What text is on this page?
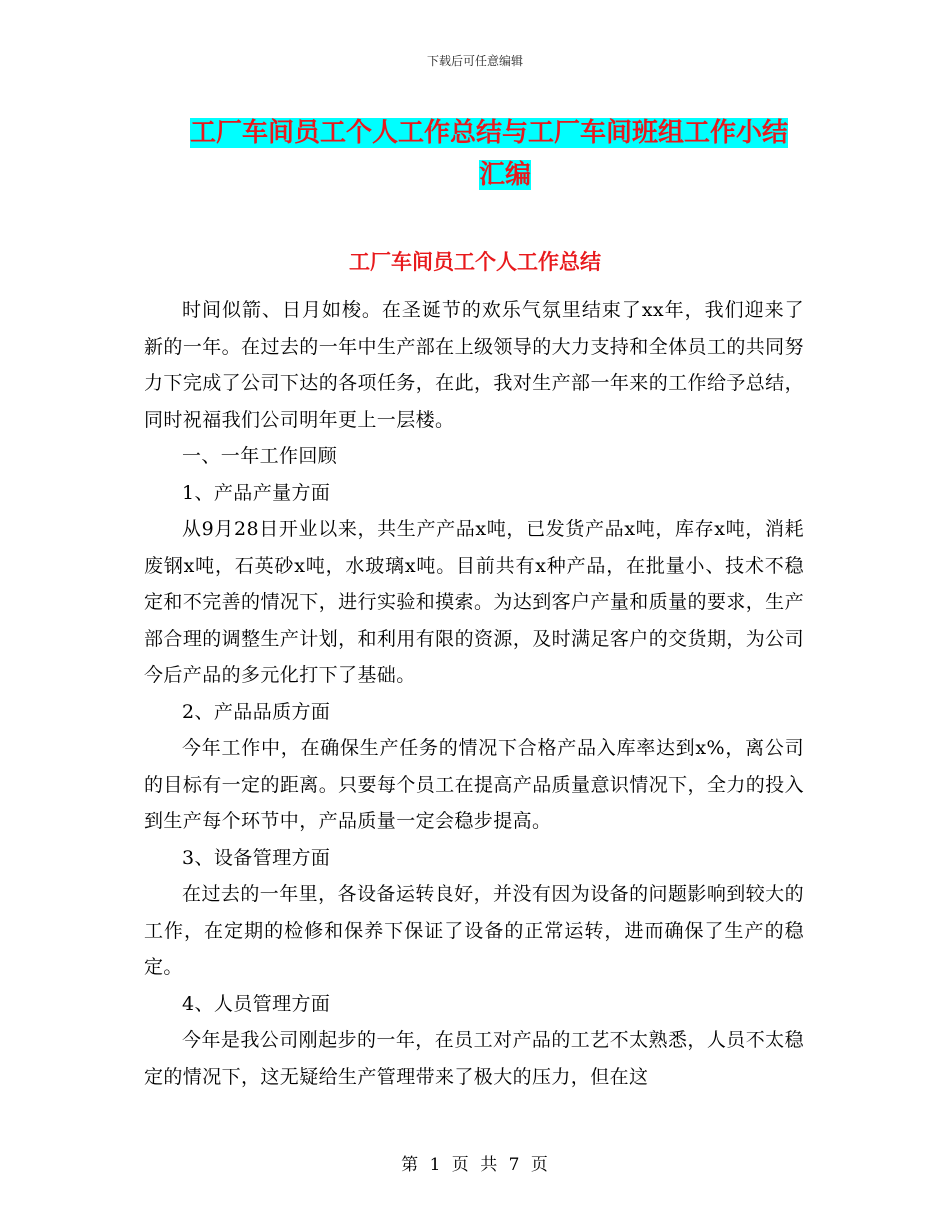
下载后可任意编辑
工厂车间员工个人工作总结与工厂车间班组工作小结
汇编
工厂车间员工个人工作总结

时间似箭、日月如梭。在圣诞节的欢乐气氛里结束了xx年，我们迎来了新的一年。在过去的一年中生产部在上级领导的大力支持和全体员工的共同努力下完成了公司下达的各项任务，在此，我对生产部一年来的工作给予总结，同时祝福我们公司明年更上一层楼。

一、一年工作回顾

1、产品产量方面

从9月28日开业以来，共生产产品x吨，已发货产品x吨，库存x吨，消耗废钢x吨，石英砂x吨，水玻璃x吨。目前共有x种产品，在批量小、技术不稳定和不完善的情况下，进行实验和摸索。为达到客户产量和质量的要求，生产部合理的调整生产计划，和利用有限的资源，及时满足客户的交货期，为公司今后产品的多元化打下了基础。

2、产品品质方面

今年工作中，在确保生产任务的情况下合格产品入库率达到x%，离公司的目标有一定的距离。只要每个员工在提高产品质量意识情况下，全力的投入到生产每个环节中，产品质量一定会稳步提高。

3、设备管理方面

在过去的一年里，各设备运转良好，并没有因为设备的问题影响到较大的工作，在定期的检修和保养下保证了设备的正常运转，进而确保了生产的稳定。

4、人员管理方面

今年是我公司刚起步的一年，在员工对产品的工艺不太熟悉，人员不太稳定的情况下，这无疑给生产管理带来了极大的压力，但在这

第 1 页 共 7 页
